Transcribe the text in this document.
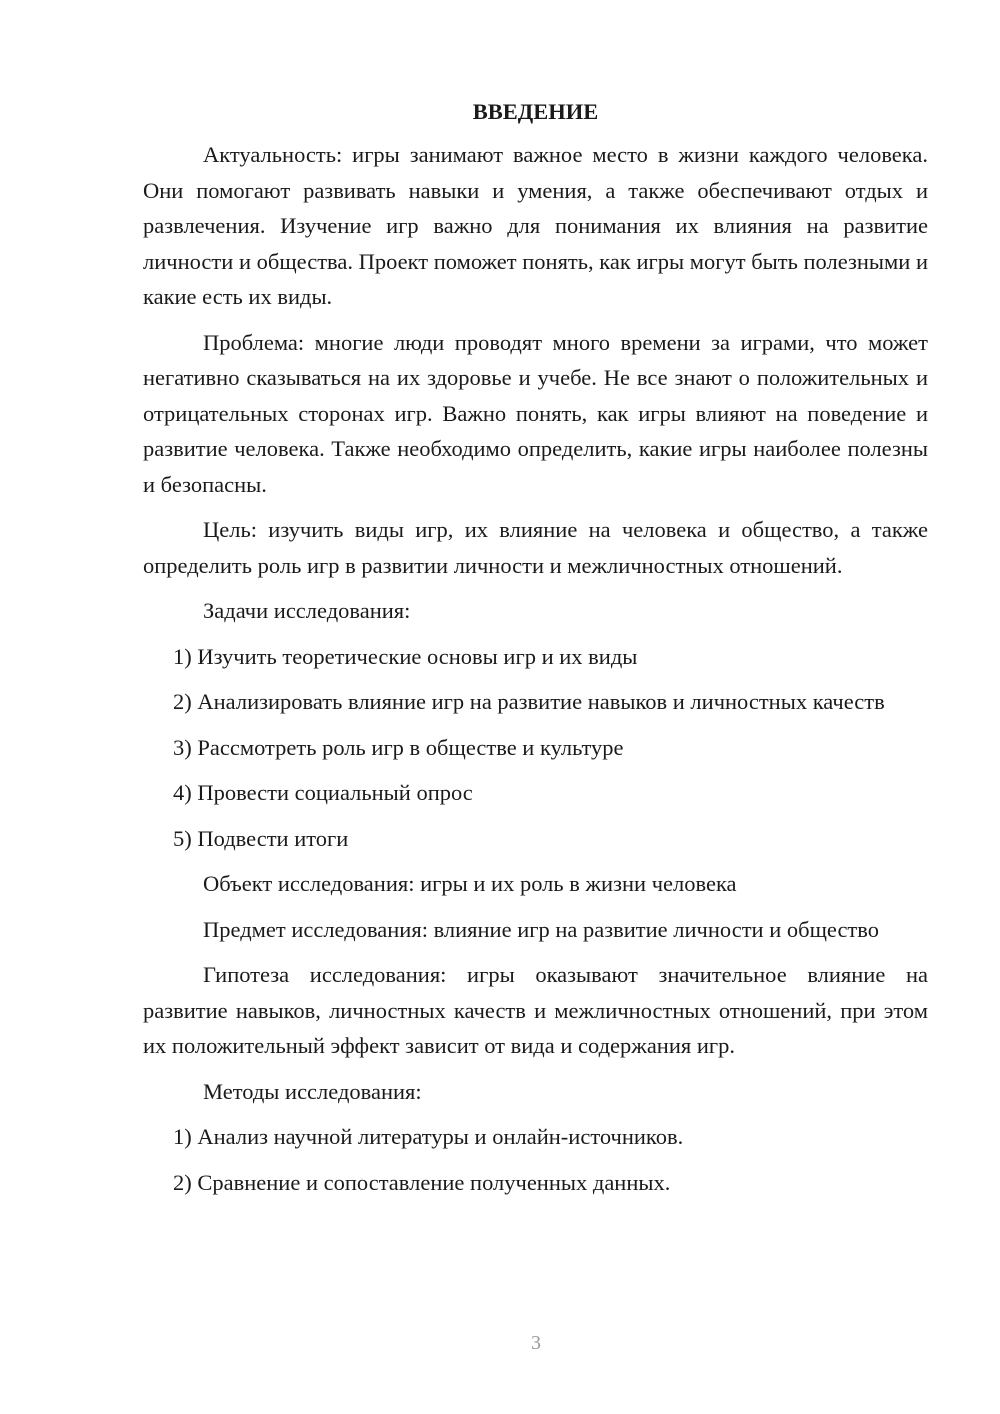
ВВЕДЕНИЕ

Актуальность: игры занимают важное место в жизни каждого человека. Они помогают развивать навыки и умения, а также обеспечивают отдых и развлечения. Изучение игр важно для понимания их влияния на развитие личности и общества. Проект поможет понять, как игры могут быть полезными и какие есть их виды.

Проблема: многие люди проводят много времени за играми, что может негативно сказываться на их здоровье и учебе. Не все знают о положительных и отрицательных сторонах игр. Важно понять, как игры влияют на поведение и развитие человека. Также необходимо определить, какие игры наиболее полезны и безопасны.

Цель: изучить виды игр, их влияние на человека и общество, а также определить роль игр в развитии личности и межличностных отношений.

Задачи исследования:

1) Изучить теоретические основы игр и их виды

2) Анализировать влияние игр на развитие навыков и личностных качеств

3) Рассмотреть роль игр в обществе и культуре

4) Провести социальный опрос

5) Подвести итоги

Объект исследования: игры и их роль в жизни человека

Предмет исследования: влияние игр на развитие личности и общество

Гипотеза исследования: игры оказывают значительное влияние на развитие навыков, личностных качеств и межличностных отношений, при этом их положительный эффект зависит от вида и содержания игр.

Методы исследования:

1) Анализ научной литературы и онлайн-источников.

2) Сравнение и сопоставление полученных данных.

3
